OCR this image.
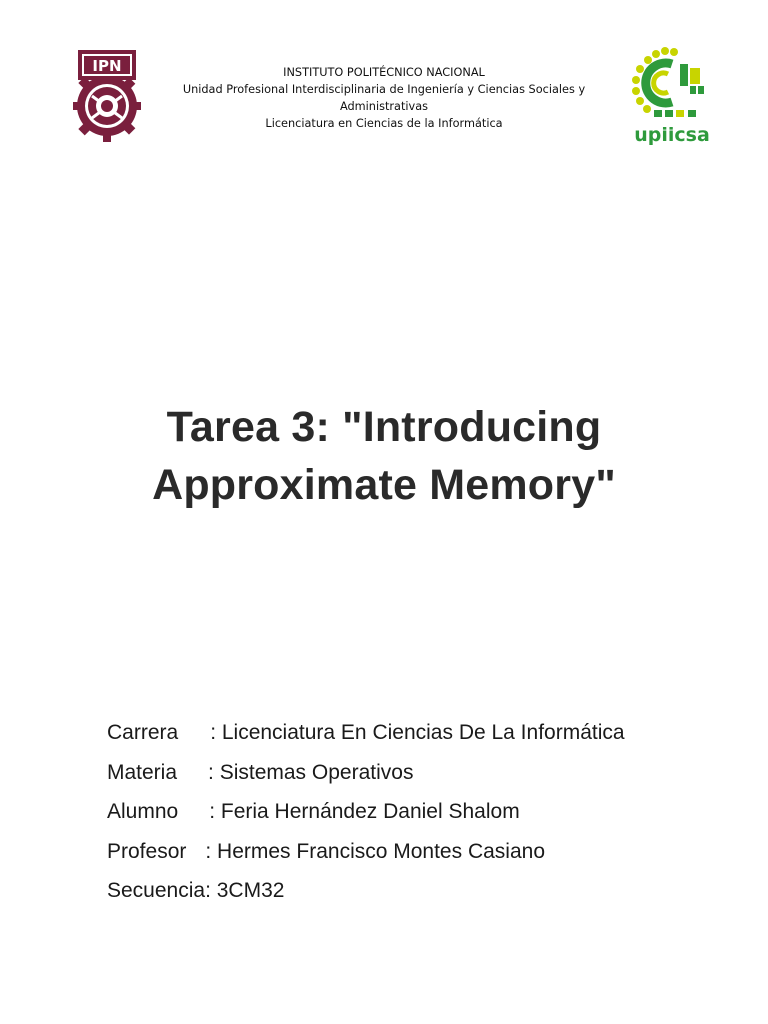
IPN	INSTITUTO POLITÉCNICO NACIONAL
Unidad Profesional Interdisciplinaria de Ingeniería y Ciencias Sociales y
Administrativas
Licenciatura en Ciencias de la Informática
upiicsa
Tarea 3: "Introducing
Approximate Memory"
Carrera : Licenciatura En Ciencias De La Informática
Materia : Sistemas Operativos
Alumno : Feria Hernández Daniel Shalom
Profesor : Hermes Francisco Montes Casiano
Secuencia: 3CM32
